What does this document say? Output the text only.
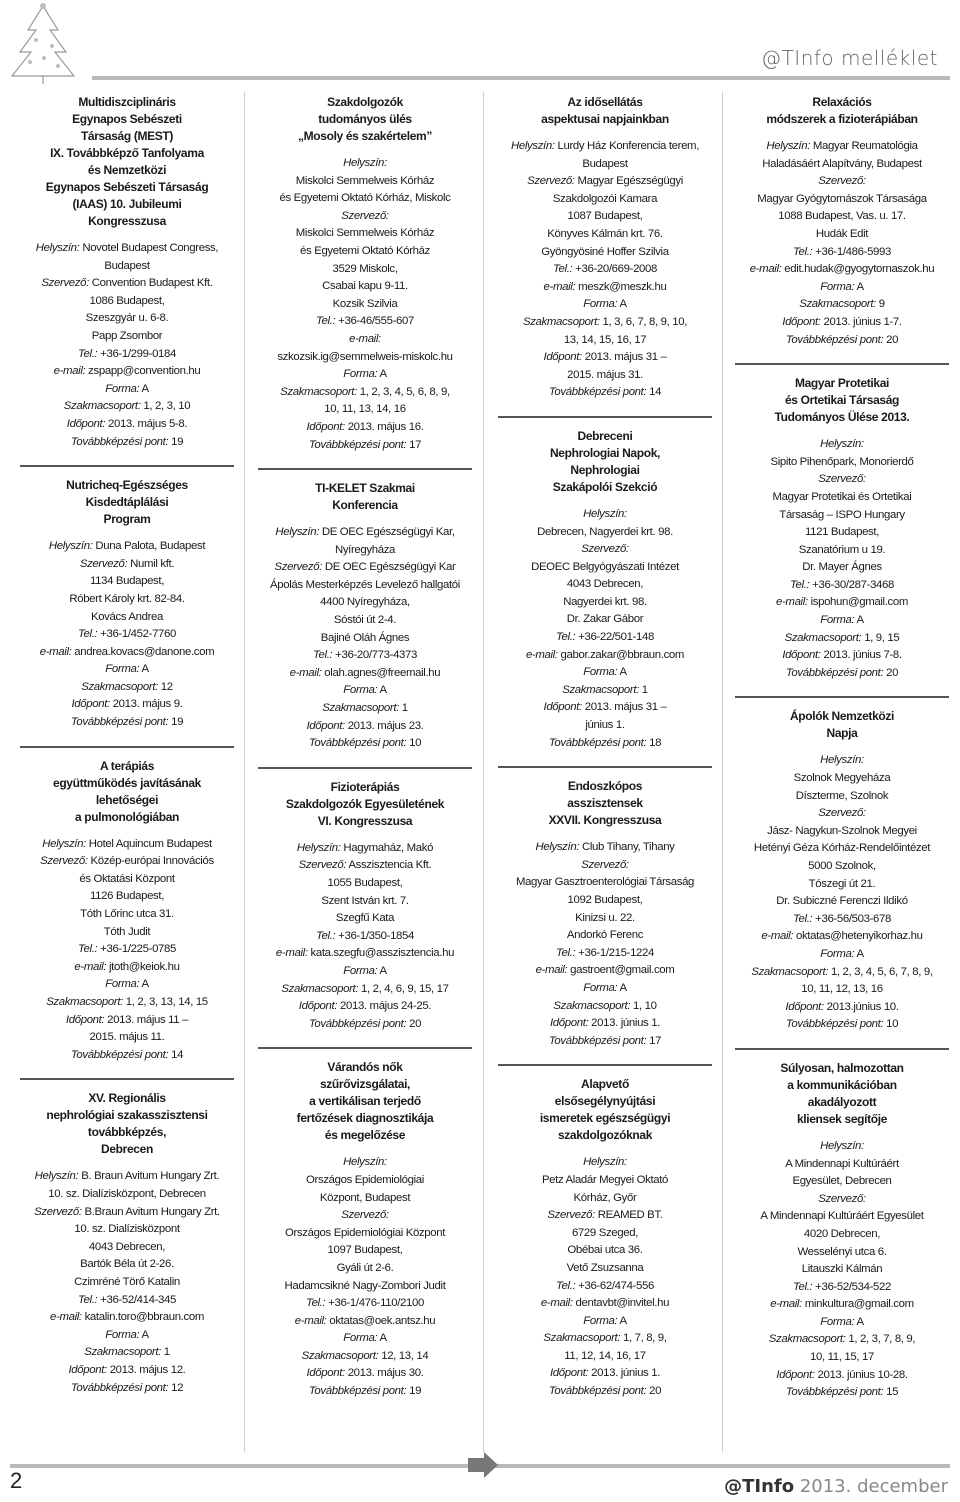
@TInfo melléklet
Multidiszciplináris
Egynapos Sebészeti
Társaság (MEST)
IX. Továbbképző Tanfolyama
és Nemzetközi
Egynapos Sebészeti Társaság
(IAAS) 10. Jubileumi
Kongresszusa
Helyszín: Novotel Budapest Congress,
Budapest
Szervező: Convention Budapest Kft.
1086 Budapest,
Szeszgyár u. 6-8.
Papp Zsombor
Tel.: +36-1/299-0184
e-mail: zspapp@convention.hu
Forma: A
Szakmacsoport: 1, 2, 3, 10
Időpont: 2013. május 5-8.
Továbbképzési pont: 19
Nutricheq-Egészséges
Kisdedtáplálási
Program
Helyszín: Duna Palota, Budapest
Szervező: Numil kft.
1134 Budapest,
Róbert Károly krt. 82-84.
Kovács Andrea
Tel.: +36-1/452-7760
e-mail: andrea.kovacs@danone.com
Forma: A
Szakmacsoport: 12
Időpont: 2013. május 9.
Továbbképzési pont: 19
A terápiás
együttműködés javításának
lehetőségei
a pulmonológiában
Helyszín: Hotel Aquincum Budapest
Szervező: Közép-európai Innovációs
és Oktatási Központ
1126 Budapest,
Tóth Lőrinc utca 31.
Tóth Judit
Tel.: +36-1/225-0785
e-mail: jtoth@keiok.hu
Forma: A
Szakmacsoport: 1, 2, 3, 13, 14, 15
Időpont: 2013. május 11 –
2015. május 11.
Továbbképzési pont: 14
XV. Regionális
nephrológiai szakasszisztensi
továbbképzés,
Debrecen
Helyszín: B. Braun Avitum Hungary Zrt.
10. sz. Dialízisközpont, Debrecen
Szervező: B.Braun Avitum Hungary Zrt.
10. sz. Dialízisközpont
4043 Debrecen,
Bartók Béla út 2-26.
Czimréné Törő Katalin
Tel.: +36-52/414-345
e-mail: katalin.toro@bbraun.com
Forma: A
Szakmacsoport: 1
Időpont: 2013. május 12.
Továbbképzési pont: 12
Szakdolgozók
tudományos ülés
„Mosoly és szakértelem”
Helyszín:
Miskolci Semmelweis Kórház
és Egyetemi Oktató Kórház, Miskolc
Szervező:
Miskolci Semmelweis Kórház
és Egyetemi Oktató Kórház
3529 Miskolc,
Csabai kapu 9-11.
Kozsik Szilvia
Tel.: +36-46/555-607
e-mail:
szkozsik.ig@semmelweis-miskolc.hu
Forma: A
Szakmacsoport: 1, 2, 3, 4, 5, 6, 8, 9,
10, 11, 13, 14, 16
Időpont: 2013. május 16.
Továbbképzési pont: 17
TI-KELET Szakmai
Konferencia
Helyszín: DE OEC Egészségügyi Kar,
Nyíregyháza
Szervező: DE OEC Egészségügyi Kar
Ápolás Mesterképzés Levelező hallgatói
4400 Nyíregyháza,
Sóstói út 2-4.
Bajiné Oláh Ágnes
Tel.: +36-20/773-4373
e-mail: olah.agnes@freemail.hu
Forma: A
Szakmacsoport: 1
Időpont: 2013. május 23.
Továbbképzési pont: 10
Fizioterápiás
Szakdolgozók Egyesületének
VI. Kongresszusa
Helyszín: Hagymaház, Makó
Szervező: Asszisztencia Kft.
1055 Budapest,
Szent István krt. 7.
Szegfű Kata
Tel.: +36-1/350-1854
e-mail: kata.szegfu@asszisztencia.hu
Forma: A
Szakmacsoport: 1, 2, 4, 6, 9, 15, 17
Időpont: 2013. május 24-25.
Továbbképzési pont: 20
Várandós nők
szűrővizsgálatai,
a vertikálisan terjedő
fertőzések diagnosztikája
és megelőzése
Helyszín:
Országos Epidemiológiai
Központ, Budapest
Szervező:
Országos Epidemiológiai Központ
1097 Budapest,
Gyáli út 2-6.
Hadamcsikné Nagy-Zombori Judit
Tel.: +36-1/476-110/2100
e-mail: oktatas@oek.antsz.hu
Forma: A
Szakmacsoport: 12, 13, 14
Időpont: 2013. május 30.
Továbbképzési pont: 19
Az idősellátás
aspektusai napjainkban
Helyszín: Lurdy Ház Konferencia terem,
Budapest
Szervező: Magyar Egészségügyi
Szakdolgozói Kamara
1087 Budapest,
Könyves Kálmán krt. 76.
Gyöngyösiné Hoffer Szilvia
Tel.: +36-20/669-2008
e-mail: meszk@meszk.hu
Forma: A
Szakmacsoport: 1, 3, 6, 7, 8, 9, 10,
13, 14, 15, 16, 17
Időpont: 2013. május 31 –
2015. május 31.
Továbbképzési pont: 14
Debreceni
Nephrologiai Napok,
Nephrologiai
Szakápolói Szekció
Helyszín:
Debrecen, Nagyerdei krt. 98.
Szervező:
DEOEC Belgyógyászati Intézet
4043 Debrecen,
Nagyerdei krt. 98.
Dr. Zakar Gábor
Tel.: +36-22/501-148
e-mail: gabor.zakar@bbraun.com
Forma: A
Szakmacsoport: 1
Időpont: 2013. május 31 –
június 1.
Továbbképzési pont: 18
Endoszkópos
asszisztensek
XXVII. Kongresszusa
Helyszín: Club Tihany, Tihany
Szervező:
Magyar Gasztroenterológiai Társaság
1092 Budapest,
Kinizsi u. 22.
Andorkó Ferenc
Tel.: +36-1/215-1224
e-mail: gastroent@gmail.com
Forma: A
Szakmacsoport: 1, 10
Időpont: 2013. június 1.
Továbbképzési pont: 17
Alapvető
elsősegélynyújtási
ismeretek egészségügyi
szakdolgozóknak
Helyszín:
Petz Aladár Megyei Oktató
Kórház, Győr
Szervező: REAMED BT.
6729 Szeged,
Obébai utca 36.
Vető Zsuzsanna
Tel.: +36-62/474-556
e-mail: dentavbt@invitel.hu
Forma: A
Szakmacsoport: 1, 7, 8, 9,
11, 12, 14, 16, 17
Időpont: 2013. június 1.
Továbbképzési pont: 20
Relaxációs
módszerek a fizioterápiában
Helyszín: Magyar Reumatológia
Haladásáért Alapítvány, Budapest
Szervező:
Magyar Gyógytornászok Társasága
1088 Budapest, Vas. u. 17.
Hudák Edit
Tel.: +36-1/486-5993
e-mail: edit.hudak@gyogytornaszok.hu
Forma: A
Szakmacsoport: 9
Időpont: 2013. június 1-7.
Továbbképzési pont: 20
Magyar Protetikai
és Ortetikai Társaság
Tudományos Ülése 2013.
Helyszín:
Sipito Pihenőpark, Monorierdő
Szervező:
Magyar Protetikai és Ortetikai
Társaság – ISPO Hungary
1121 Budapest,
Szanatórium u 19.
Dr. Mayer Ágnes
Tel.: +36-30/287-3468
e-mail: ispohun@gmail.com
Forma: A
Szakmacsoport: 1, 9, 15
Időpont: 2013. június 7-8.
Továbbképzési pont: 20
Ápolók Nemzetközi
Napja
Helyszín:
Szolnok Megyeháza
Díszterme, Szolnok
Szervező:
Jász- Nagykun-Szolnok Megyei
Hetényi Géza Kórház-Rendelőintézet
5000 Szolnok,
Tószegi út 21.
Dr. Subiczné Ferenczi Ildikó
Tel.: +36-56/503-678
e-mail: oktatas@hetenyikorhaz.hu
Forma: A
Szakmacsoport: 1, 2, 3, 4, 5, 6, 7, 8, 9,
10, 11, 12, 13, 16
Időpont: 2013.június 10.
Továbbképzési pont: 10
Súlyosan, halmozottan
a kommunikációban
akadályozott
kliensek segítője
Helyszín:
A Mindennapi Kultúráért
Egyesület, Debrecen
Szervező:
A Mindennapi Kultúráért Egyesület
4020 Debrecen,
Wesselényi utca 6.
Litauszki Kálmán
Tel.: +36-52/534-522
e-mail: minkultura@gmail.com
Forma: A
Szakmacsoport: 1, 2, 3, 7, 8, 9,
10, 11, 15, 17
Időpont: 2013. június 10-28.
Továbbképzési pont: 15
2	@TInfo 2013. december
